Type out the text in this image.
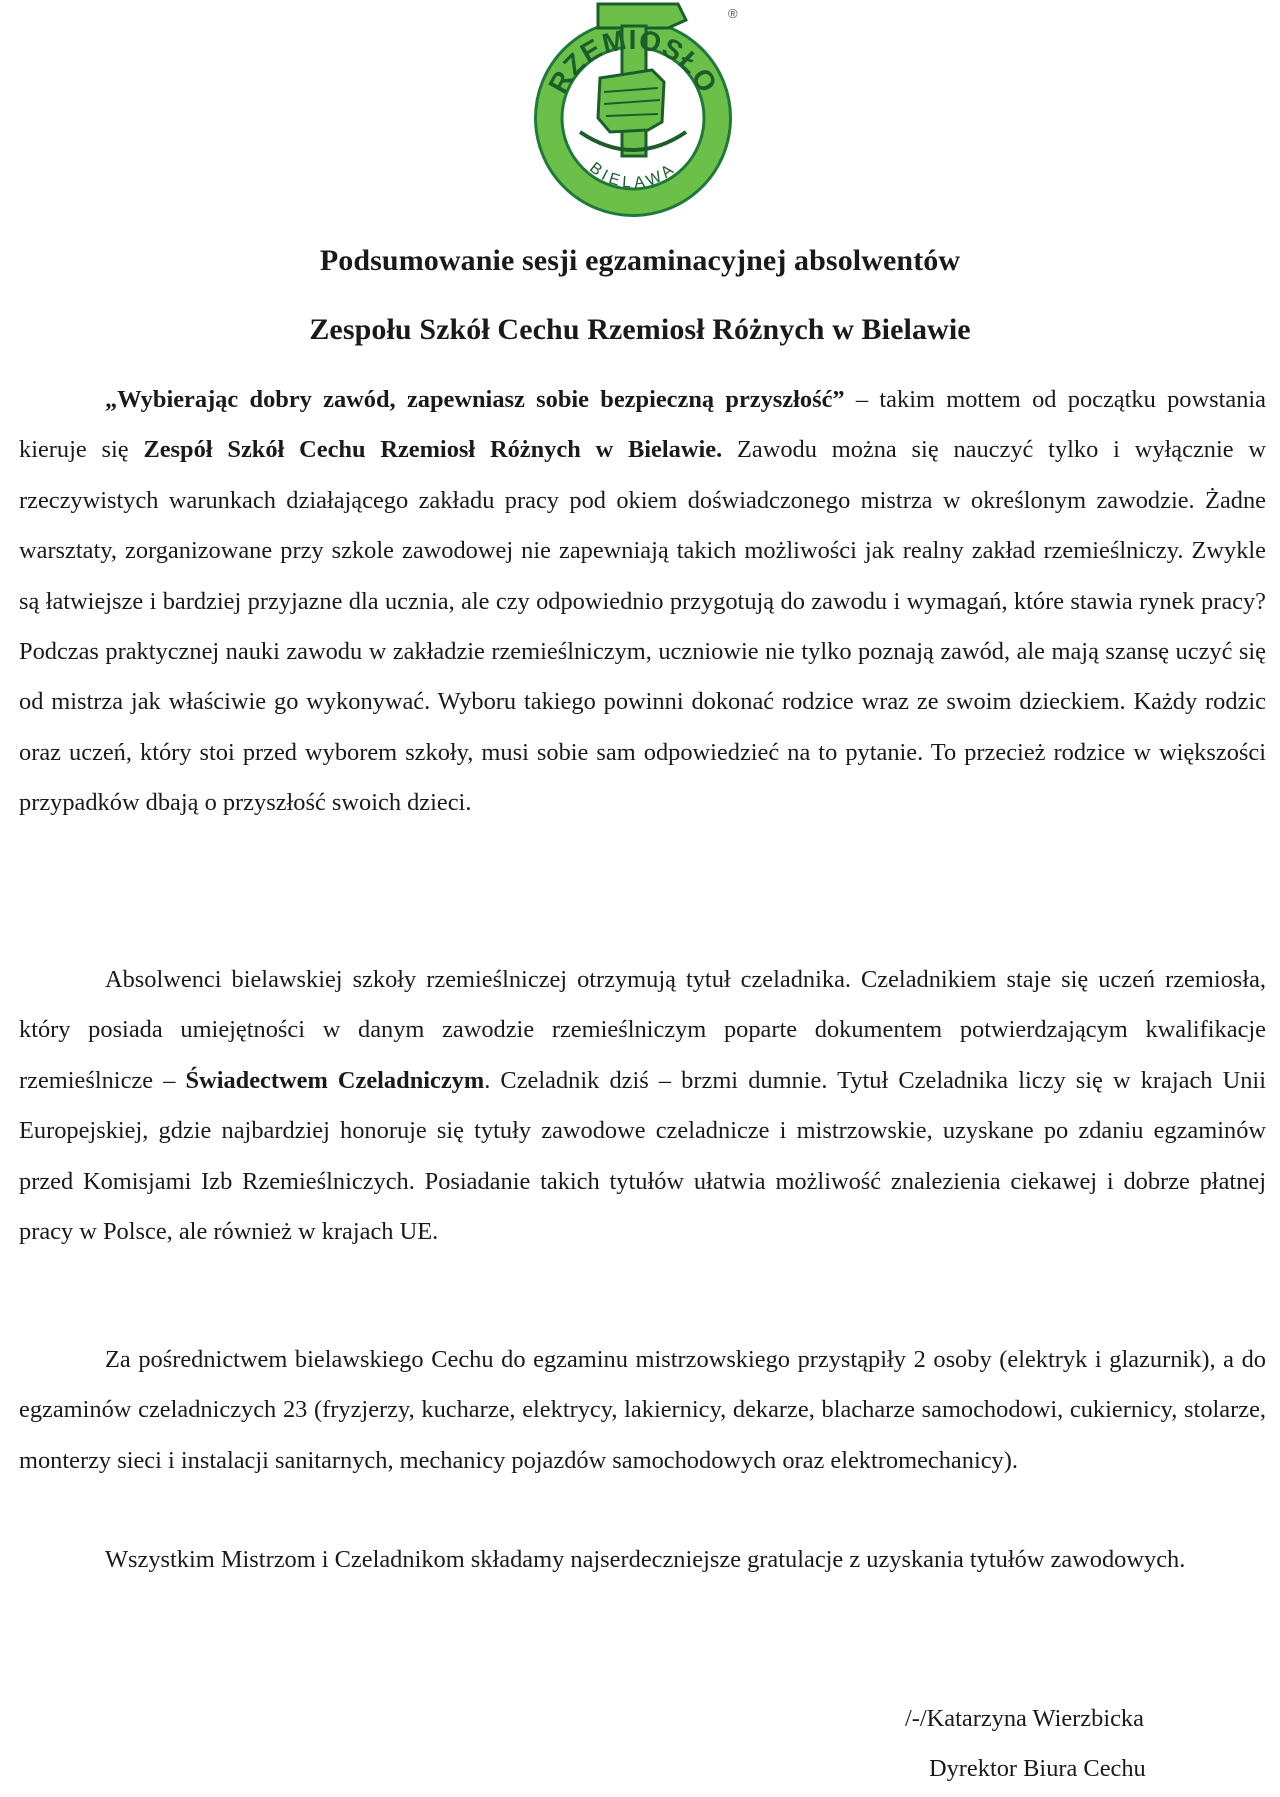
RZEMIOSŁO
BIELAWA
®
Podsumowanie sesji egzaminacyjnej absolwentów
Zespołu Szkół Cechu Rzemiosł Różnych w Bielawie

„Wybierając dobry zawód, zapewniasz sobie bezpieczną przyszłość” – takim mottem od początku powstania kieruje się Zespół Szkół Cechu Rzemiosł Różnych w Bielawie. Zawodu można się nauczyć tylko i wyłącznie w rzeczywistych warunkach działającego zakładu pracy pod okiem doświadczonego mistrza w określonym zawodzie. Żadne warsztaty, zorganizowane przy szkole zawodowej nie zapewniają takich możliwości jak realny zakład rzemieślniczy. Zwykle są łatwiejsze i bardziej przyjazne dla ucznia, ale czy odpowiednio przygotują do zawodu i wymagań, które stawia rynek pracy? Podczas praktycznej nauki zawodu w zakładzie rzemieślniczym, uczniowie nie tylko poznają zawód, ale mają szansę uczyć się od mistrza jak właściwie go wykonywać. Wyboru takiego powinni dokonać rodzice wraz ze swoim dzieckiem. Każdy rodzic oraz uczeń, który stoi przed wyborem szkoły, musi sobie sam odpowiedzieć na to pytanie. To przecież rodzice w większości przypadków dbają o przyszłość swoich dzieci.

Absolwenci bielawskiej szkoły rzemieślniczej otrzymują tytuł czeladnika. Czeladnikiem staje się uczeń rzemiosła, który posiada umiejętności w danym zawodzie rzemieślniczym poparte dokumentem potwierdzającym kwalifikacje rzemieślnicze – Świadectwem Czeladniczym. Czeladnik dziś – brzmi dumnie. Tytuł Czeladnika liczy się w krajach Unii Europejskiej, gdzie najbardziej honoruje się tytuły zawodowe czeladnicze i mistrzowskie, uzyskane po zdaniu egzaminów przed Komisjami Izb Rzemieślniczych. Posiadanie takich tytułów ułatwia możliwość znalezienia ciekawej i dobrze płatnej pracy w Polsce, ale również w krajach UE.

Za pośrednictwem bielawskiego Cechu do egzaminu mistrzowskiego przystąpiły 2 osoby (elektryk i glazurnik), a do egzaminów czeladniczych 23 (fryzjerzy, kucharze, elektrycy, lakiernicy, dekarze, blacharze samochodowi, cukiernicy, stolarze, monterzy sieci i instalacji sanitarnych, mechanicy pojazdów samochodowych oraz elektromechanicy).

Wszystkim Mistrzom i Czeladnikom składamy najserdeczniejsze gratulacje z uzyskania tytułów zawodowych.

/-/Katarzyna Wierzbicka
Dyrektor Biura Cechu
